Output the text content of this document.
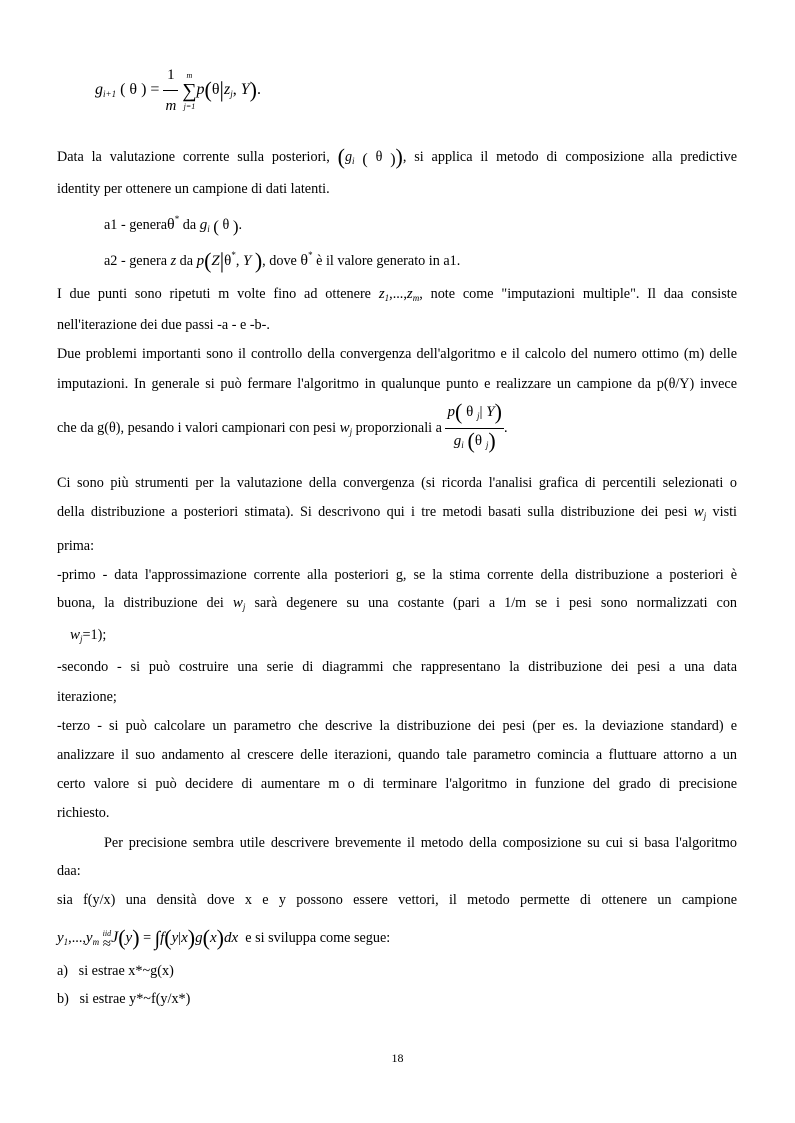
$g_{i+1}$ ( θ ) = $\frac{1}{m}$
	m
∑
j=1
$p(\theta|z_j$, Y).
Data la valutazione corrente sulla posteriori, ($g_i$ ( θ )), si applica il metodo di composizione alla predictive
identity per ottenere un campione di dati latenti.
a1 - generaθ* da $g_i$ ( θ ).
a2 - genera z da p(Z|θ*, Y ), dove θ* è il valore generato in a1.
I due punti sono ripetuti m volte fino ad ottenere $z_1,...,z_m$, note come "imputazioni multiple". Il daa consiste
nell'iterazione dei due passi -a - e -b-.
Due problemi importanti sono il controllo della convergenza dell'algoritmo e il calcolo del numero ottimo (m) delle
imputazioni. In generale si può fermare l'algoritmo in qualunque punto e realizzare un campione da p(θ/Y) invece
che da g(θ), pesando i valori campionari con pesi $w_j$ proporzionali a $\frac{p( \theta _j| Y)}{g_i (\theta _j)}$ .
Ci sono più strumenti per la valutazione della convergenza (si ricorda l'analisi grafica di percentili selezionati o
della distribuzione a posteriori stimata). Si descrivono qui i tre metodi basati sulla distribuzione dei pesi $w_j$ visti
prima:
-primo - data l'approssimazione corrente alla posteriori g, se la stima corrente della distribuzione a posteriori è
buona, la distribuzione dei $w_j$ sarà degenere su una costante (pari a 1/m se i pesi sono normalizzati con
$w_j=1$);
-secondo - si può costruire una serie di diagrammi che rappresentano la distribuzione dei pesi a una data
iterazione;
-terzo - si può calcolare un parametro che descrive la distribuzione dei pesi (per es. la deviazione standard) e
analizzare il suo andamento al crescere delle iterazioni, quando tale parametro comincia a fluttuare attorno a un
certo valore si può decidere di aumentare m o di terminare l'algoritmo in funzione del grado di precisione
richiesto.
Per precisione sembra utile descrivere brevemente il metodo della composizione su cui si basa l'algoritmo
daa:
sia f(y/x) una densità dove x e y possono essere vettori, il metodo permette di ottenere un campione
$y_1,...,y_m$
iid
≈ J(y) = ∫f(y|x)g(x)dx e si sviluppa come segue:
a) si estrae x*~g(x)
b) si estrae y*~f(y/x*)
18
